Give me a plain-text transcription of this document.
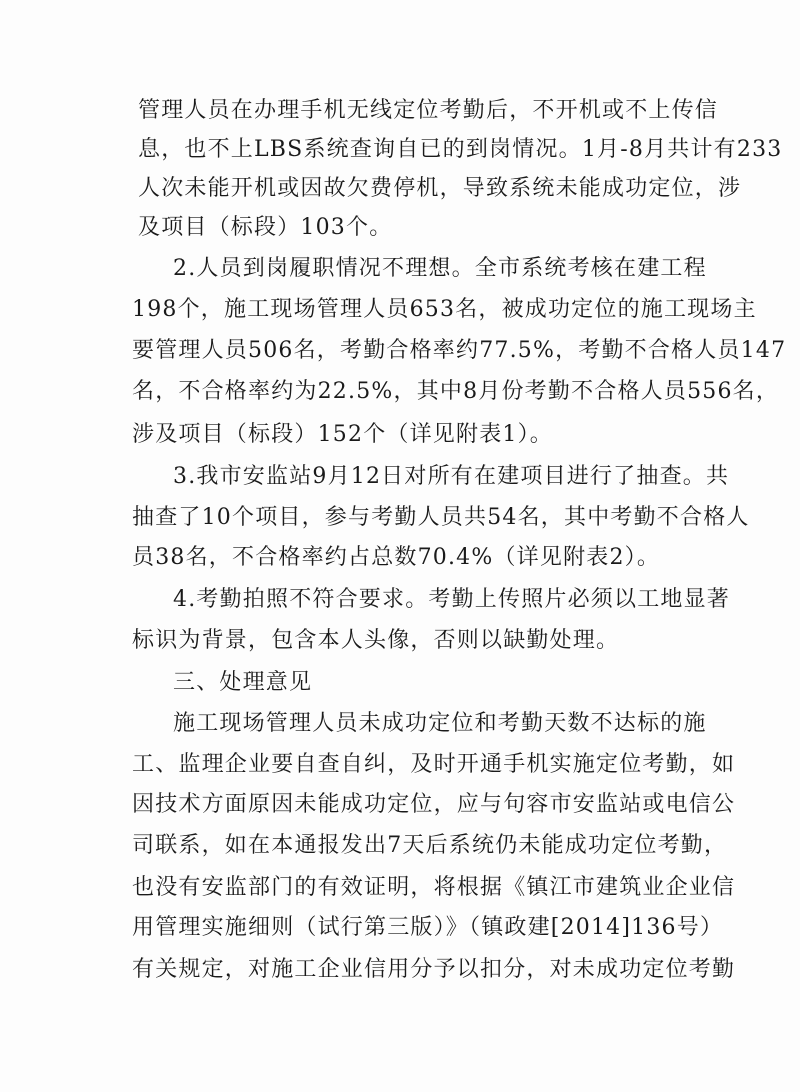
管理人员在办理手机无线定位考勤后，不开机或不上传信
息，也不上LBS系统查询自已的到岗情况。1月-8月共计有233
人次未能开机或因故欠费停机，导致系统未能成功定位，涉
及项目（标段）103个。
2.人员到岗履职情况不理想。全市系统考核在建工程
198个，施工现场管理人员653名，被成功定位的施工现场主
要管理人员506名，考勤合格率约77.5%，考勤不合格人员147
名，不合格率约为22.5%，其中8月份考勤不合格人员556名，
涉及项目（标段）152个（详见附表1）。
3.我市安监站9月12日对所有在建项目进行了抽查。共
抽查了10个项目，参与考勤人员共54名，其中考勤不合格人
员38名，不合格率约占总数70.4%（详见附表2）。
4.考勤拍照不符合要求。考勤上传照片必须以工地显著
标识为背景，包含本人头像，否则以缺勤处理。
三、处理意见
施工现场管理人员未成功定位和考勤天数不达标的施
工、监理企业要自查自纠，及时开通手机实施定位考勤，如
因技术方面原因未能成功定位，应与句容市安监站或电信公
司联系，如在本通报发出7天后系统仍未能成功定位考勤，
也没有安监部门的有效证明，将根据《镇江市建筑业企业信
用管理实施细则（试行第三版）》（镇政建[2014]136号）
有关规定，对施工企业信用分予以扣分，对未成功定位考勤
